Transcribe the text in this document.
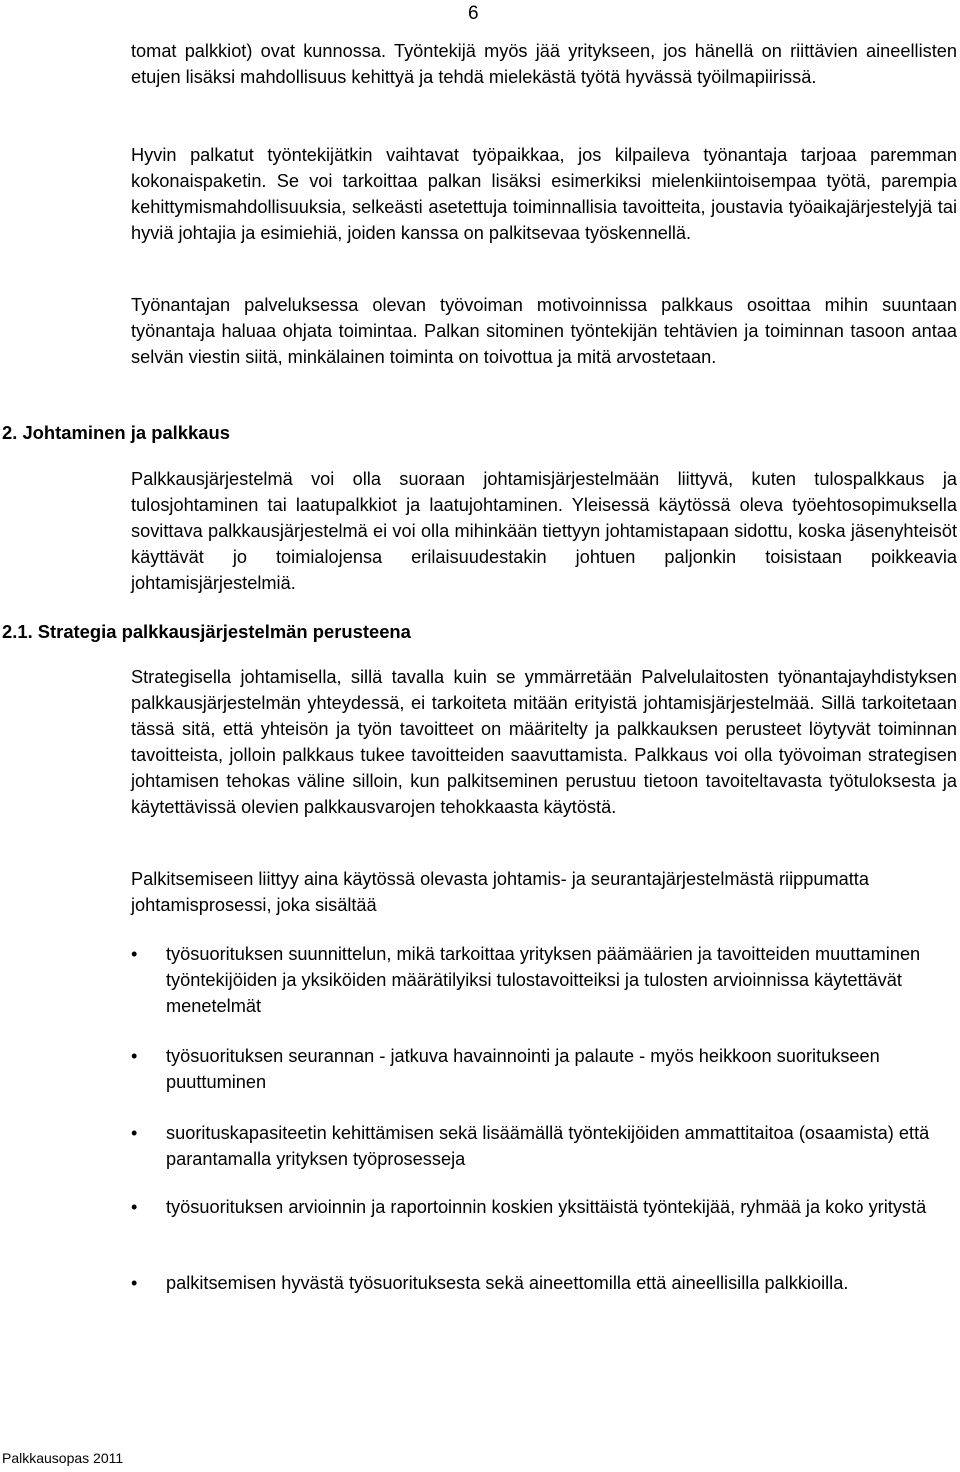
6

tomat palkkiot) ovat kunnossa. Työntekijä myös jää yritykseen, jos hänellä on riittävien aineellisten etujen lisäksi mahdollisuus kehittyä ja tehdä mielekästä työtä hyvässä työilmapiirissä.

Hyvin palkatut työntekijätkin vaihtavat työpaikkaa, jos kilpaileva työnantaja tarjoaa paremman kokonaispaketin. Se voi tarkoittaa palkan lisäksi esimerkiksi mielenkiintoisempaa työtä, parempia kehittymismahdollisuuksia, selkeästi asetettuja toiminnallisia tavoitteita, joustavia työaikajärjestelyjä tai hyviä johtajia ja esimiehiä, joiden kanssa on palkitsevaa työskennellä.

Työnantajan palveluksessa olevan työvoiman motivoinnissa palkkaus osoittaa mihin suuntaan työnantaja haluaa ohjata toimintaa. Palkan sitominen työntekijän tehtävien ja toiminnan tasoon antaa selvän viestin siitä, minkälainen toiminta on toivottua ja mitä arvostetaan.

2. Johtaminen ja palkkaus

Palkkausjärjestelmä voi olla suoraan johtamisjärjestelmään liittyvä, kuten tulospalkkaus ja tulosjohtaminen tai laatupalkkiot ja laatujohtaminen. Yleisessä käytössä oleva työehtosopimuksella sovittava palkkausjärjestelmä ei voi olla mihinkään tiettyyn johtamistapaan sidottu, koska jäsenyhteisöt käyttävät jo toimialojensa erilaisuudestakin johtuen paljonkin toisistaan poikkeavia johtamisjärjestelmiä.

2.1. Strategia palkkausjärjestelmän perusteena

Strategisella johtamisella, sillä tavalla kuin se ymmärretään Palvelulaitosten työnantajayhdistyksen palkkausjärjestelmän yhteydessä, ei tarkoiteta mitään erityistä johtamisjärjestelmää. Sillä tarkoitetaan tässä sitä, että yhteisön ja työn tavoitteet on määritelty ja palkkauksen perusteet löytyvät toiminnan tavoitteista, jolloin palkkaus tukee tavoitteiden saavuttamista. Palkkaus voi olla työvoiman strategisen johtamisen tehokas väline silloin, kun palkitseminen perustuu tietoon tavoiteltavasta työtuloksesta ja käytettävissä olevien palkkausvarojen tehokkaasta käytöstä.

Palkitsemiseen liittyy aina käytössä olevasta johtamis- ja seurantajärjestelmästä riippumatta johtamisprosessi, joka sisältää

•	työsuorituksen suunnittelun, mikä tarkoittaa yrityksen päämäärien ja tavoitteiden muuttaminen työntekijöiden ja yksiköiden määrätilyiksi tulostavoitteiksi ja tulosten arvioinnissa käytettävät menetelmät
•	työsuorituksen seurannan - jatkuva havainnointi ja palaute - myös heikkoon suoritukseen puuttuminen
•	suorituskapasiteetin kehittämisen sekä lisäämällä työntekijöiden ammattitaitoa (osaamista) että parantamalla yrityksen työprosesseja
•	työsuorituksen arvioinnin ja raportoinnin koskien yksittäistä työntekijää, ryhmää ja koko yritystä
•	palkitsemisen hyvästä työsuorituksesta sekä aineettomilla että aineellisilla palkkioilla.
Palkkausopas 2011
